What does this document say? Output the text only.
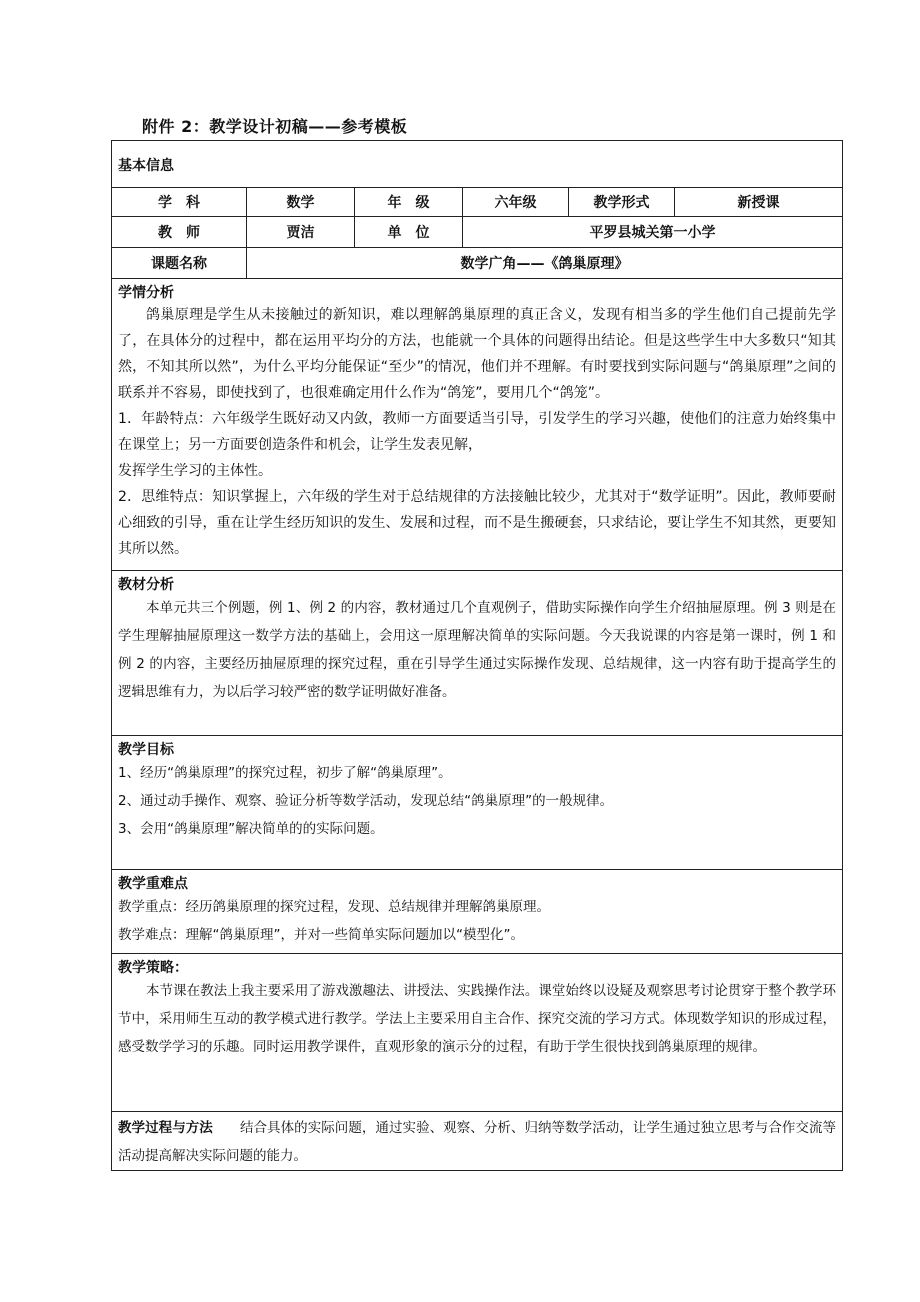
附件 2：教学设计初稿——参考模板
基本信息					

学　科	数学	年　级	六年级	教学形式	新授课
教　师	贾洁	单　位	平罗县城关第一小学		
课题名称	数学广角——《鸽巢原理》				

学情分析

鸽巢原理是学生从未接触过的新知识，难以理解鸽巢原理的真正含义，发现有相当多的学生他们自己提前先学了，在具体分的过程中，都在运用平均分的方法，也能就一个具体的问题得出结论。但是这些学生中大多数只“知其然，不知其所以然”，为什么平均分能保证“至少”的情况，他们并不理解。有时要找到实际问题与“鸽巢原理”之间的联系并不容易，即使找到了，也很难确定用什么作为“鸽笼”，要用几个“鸽笼”。

1．年龄特点：六年级学生既好动又内敛，教师一方面要适当引导，引发学生的学习兴趣，使他们的注意力始终集中在课堂上；另一方面要创造条件和机会，让学生发表见解，

发挥学生学习的主体性。

2．思维特点：知识掌握上，六年级的学生对于总结规律的方法接触比较少，尤其对于“数学证明”。因此，教师要耐心细致的引导，重在让学生经历知识的发生、发展和过程，而不是生搬硬套，只求结论，要让学生不知其然，更要知其所以然。					

教材分析

本单元共三个例题，例 1、例 2 的内容，教材通过几个直观例子，借助实际操作向学生介绍抽屉原理。例 3 则是在学生理解抽屉原理这一数学方法的基础上，会用这一原理解决简单的实际问题。今天我说课的内容是第一课时，例 1 和例 2 的内容，主要经历抽屉原理的探究过程，重在引导学生通过实际操作发现、总结规律，这一内容有助于提高学生的逻辑思维有力，为以后学习较严密的数学证明做好准备。					

教学目标

1、经历“鸽巢原理”的探究过程，初步了解“鸽巢原理”。

2、通过动手操作、观察、验证分析等数学活动，发现总结“鸽巢原理”的一般规律。

3、会用“鸽巢原理”解决简单的的实际问题。					

教学重难点

教学重点：经历鸽巢原理的探究过程，发现、总结规律并理解鸽巢原理。

教学难点：理解“鸽巢原理”，并对一些简单实际问题加以“模型化”。					

教学策略：

本节课在教法上我主要采用了游戏激趣法、讲授法、实践操作法。课堂始终以设疑及观察思考讨论贯穿于整个教学环节中，采用师生互动的教学模式进行教学。学法上主要采用自主合作、探究交流的学习方式。体现数学知识的形成过程，感受数学学习的乐趣。同时运用教学课件，直观形象的演示分的过程，有助于学生很快找到鸽巢原理的规律。					

教学过程与方法　　 结合具体的实际问题，通过实验、观察、分析、归纳等数学活动，让学生通过独立思考与合作交流等活动提高解决实际问题的能力。					
